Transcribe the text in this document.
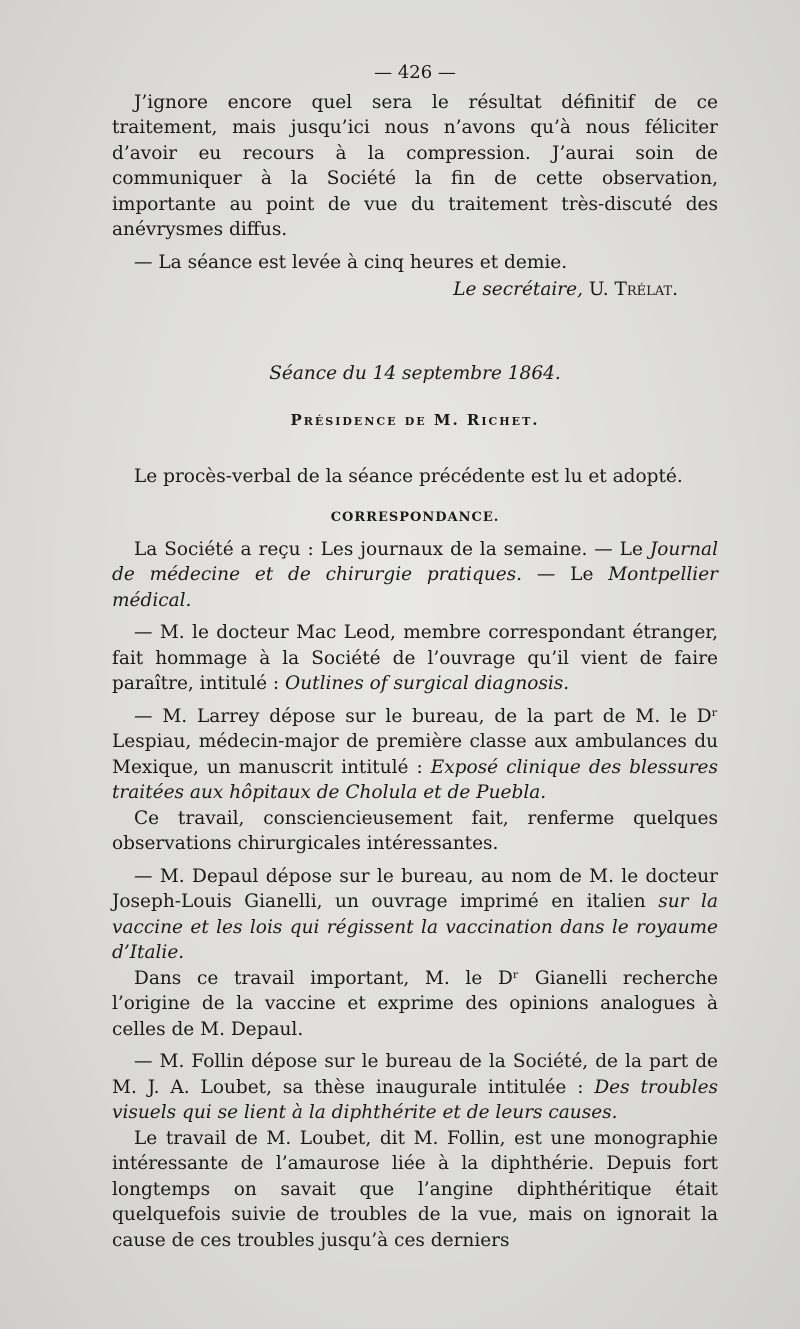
— 426 —

J’ignore encore quel sera le résultat définitif de ce traitement, mais jusqu’ici nous n’avons qu’à nous féliciter d’avoir eu recours à la compression. J’aurai soin de communiquer à la Société la fin de cette observation, importante au point de vue du traitement très-discuté des anévrysmes diffus.

— La séance est levée à cinq heures et demie.

Le secrétaire, U. Trélat.
Séance du 14 septembre 1864.
Présidence de M. Richet.

Le procès-verbal de la séance précédente est lu et adopté.

CORRESPONDANCE.

La Société a reçu : Les journaux de la semaine. — Le Journal de médecine et de chirurgie pratiques. — Le Montpellier médical.

— M. le docteur Mac Leod, membre correspondant étranger, fait hommage à la Société de l’ouvrage qu’il vient de faire paraître, intitulé : Outlines of surgical diagnosis.

— M. Larrey dépose sur le bureau, de la part de M. le Dʳ Lespiau, médecin-major de première classe aux ambulances du Mexique, un manuscrit intitulé : Exposé clinique des blessures traitées aux hôpitaux de Cholula et de Puebla.

Ce travail, consciencieusement fait, renferme quelques observations chirurgicales intéressantes.

— M. Depaul dépose sur le bureau, au nom de M. le docteur Joseph-Louis Gianelli, un ouvrage imprimé en italien sur la vaccine et les lois qui régissent la vaccination dans le royaume d’Italie.

Dans ce travail important, M. le Dʳ Gianelli recherche l’origine de la vaccine et exprime des opinions analogues à celles de M. Depaul.

— M. Follin dépose sur le bureau de la Société, de la part de M. J. A. Loubet, sa thèse inaugurale intitulée : Des troubles visuels qui se lient à la diphthérite et de leurs causes.

Le travail de M. Loubet, dit M. Follin, est une monographie intéressante de l’amaurose liée à la diphthérie. Depuis fort longtemps on savait que l’angine diphthéritique était quelquefois suivie de troubles de la vue, mais on ignorait la cause de ces troubles jusqu’à ces derniers
